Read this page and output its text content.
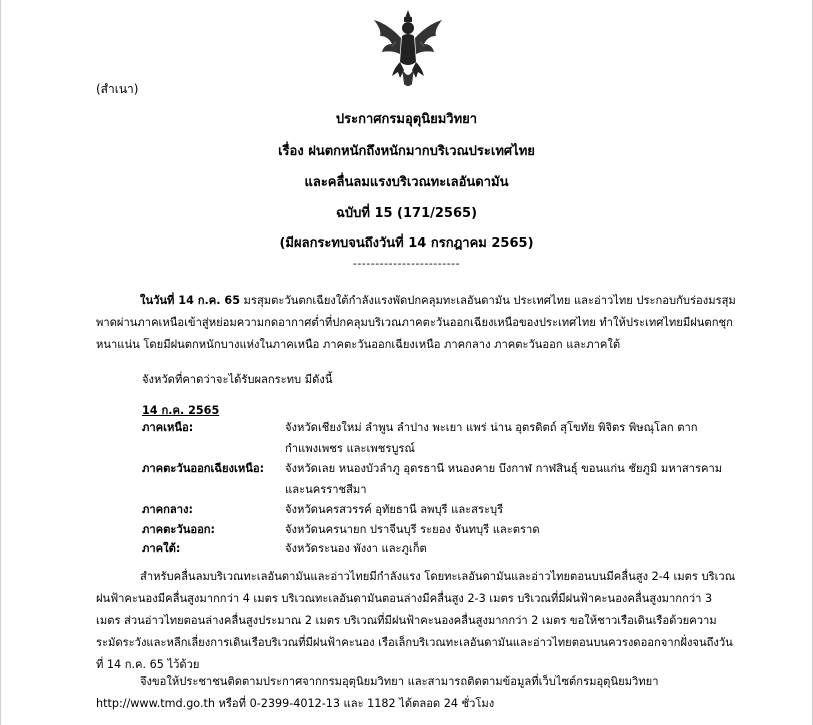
(สำเนา)
ประกาศกรมอุตุนิยมวิทยา
เรื่อง ฝนตกหนักถึงหนักมากบริเวณประเทศไทย
และคลื่นลมแรงบริเวณทะเลอันดามัน
ฉบับที่ 15 (171/2565)
(มีผลกระทบจนถึงวันที่ 14 กรกฎาคม 2565)
------------------------
ในวันที่ 14 ก.ค. 65 มรสุมตะวันตกเฉียงใต้กำลังแรงพัดปกคลุมทะเลอันดามัน ประเทศไทย และอ่าวไทย ประกอบกับร่องมรสุมพาดผ่านภาคเหนือเข้าสู่หย่อมความกดอากาศต่ำที่ปกคลุมบริเวณภาคตะวันออกเฉียงเหนือของประเทศไทย ทำให้ประเทศไทยมีฝนตกชุกหนาแน่น โดยมีฝนตกหนักบางแห่งในภาคเหนือ ภาคตะวันออกเฉียงเหนือ ภาคกลาง ภาคตะวันออก และภาคใต้
จังหวัดที่คาดว่าจะได้รับผลกระทบ มีดังนี้
14 ก.ค. 2565
ภาคเหนือ:	จังหวัดเชียงใหม่ ลำพูน ลำปาง พะเยา แพร่ น่าน อุตรดิตถ์ สุโขทัย พิจิตร พิษณุโลก ตาก กำแพงเพชร และเพชรบูรณ์
ภาคตะวันออกเฉียงเหนือ: จังหวัดเลย หนองบัวลำภู อุดรธานี หนองคาย บึงกาฬ กาฬสินธุ์ ขอนแก่น ชัยภูมิ มหาสารคาม และนครราชสีมา
ภาคกลาง:	จังหวัดนครสวรรค์ อุทัยธานี ลพบุรี และสระบุรี
ภาคตะวันออก:	จังหวัดนครนายก ปราจีนบุรี ระยอง จันทบุรี และตราด
ภาคใต้:	จังหวัดระนอง พังงา และภูเก็ต
สำหรับคลื่นลมบริเวณทะเลอันดามันและอ่าวไทยมีกำลังแรง โดยทะเลอันดามันและอ่าวไทยตอนบนมีคลื่นสูง 2-4 เมตร บริเวณฝนฟ้าคะนองมีคลื่นสูงมากกว่า 4 เมตร บริเวณทะเลอันดามันตอนล่างมีคลื่นสูง 2-3 เมตร บริเวณที่มีฝนฟ้าคะนองคลื่นสูงมากกว่า 3 เมตร ส่วนอ่าวไทยตอนล่างคลื่นสูงประมาณ 2 เมตร บริเวณที่มีฝนฟ้าคะนองคลื่นสูงมากกว่า 2 เมตร ขอให้ชาวเรือเดินเรือด้วยความระมัดระวังและหลีกเลี่ยงการเดินเรือบริเวณที่มีฝนฟ้าคะนอง เรือเล็กบริเวณทะเลอันดามันและอ่าวไทยตอนบนควรงดออกจากฝั่งจนถึงวันที่ 14 ก.ค. 65 ไว้ด้วย
จึงขอให้ประชาชนติดตามประกาศจากกรมอุตุนิยมวิทยา และสามารถติดตามข้อมูลที่เว็บไซต์กรมอุตุนิยมวิทยา http://www.tmd.go.th หรือที่ 0-2399-4012-13 และ 1182 ได้ตลอด 24 ชั่วโมง
